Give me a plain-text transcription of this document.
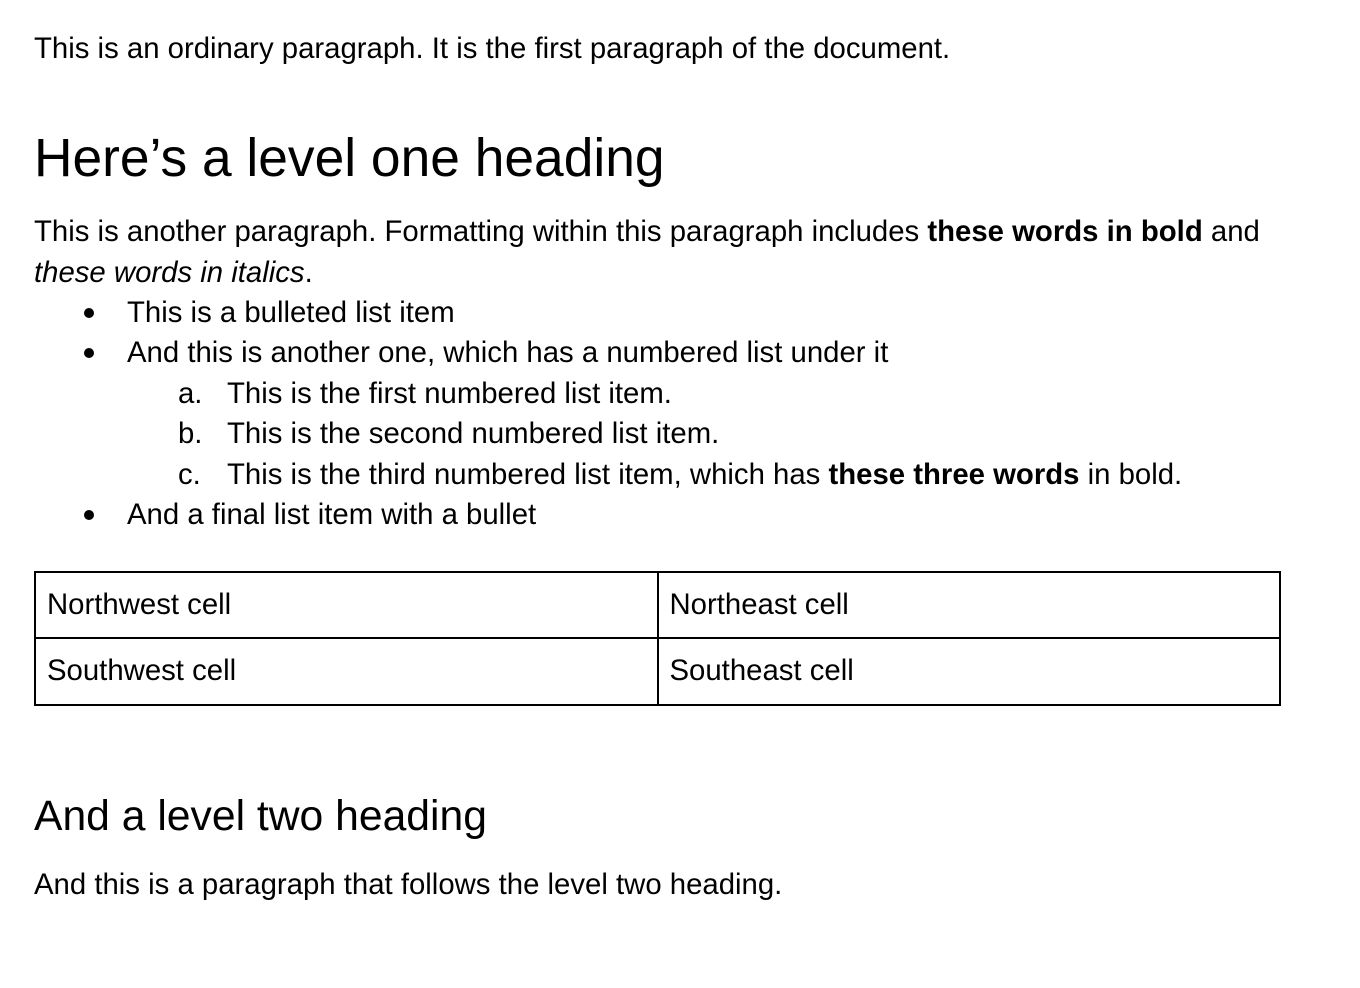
This is an ordinary paragraph. It is the first paragraph of the document.

Here’s a level one heading

This is another paragraph. Formatting within this paragraph includes these words in bold and
these words in italics.

This is a bulleted list item
And this is another one, which has a numbered list under it
a. This is the first numbered list item.
b. This is the second numbered list item.
c. This is the third numbered list item, which has these three words in bold.
And a final list item with a bullet
Northwest cell	Northeast cell
Southwest cell	Southeast cell
And a level two heading

And this is a paragraph that follows the level two heading.
